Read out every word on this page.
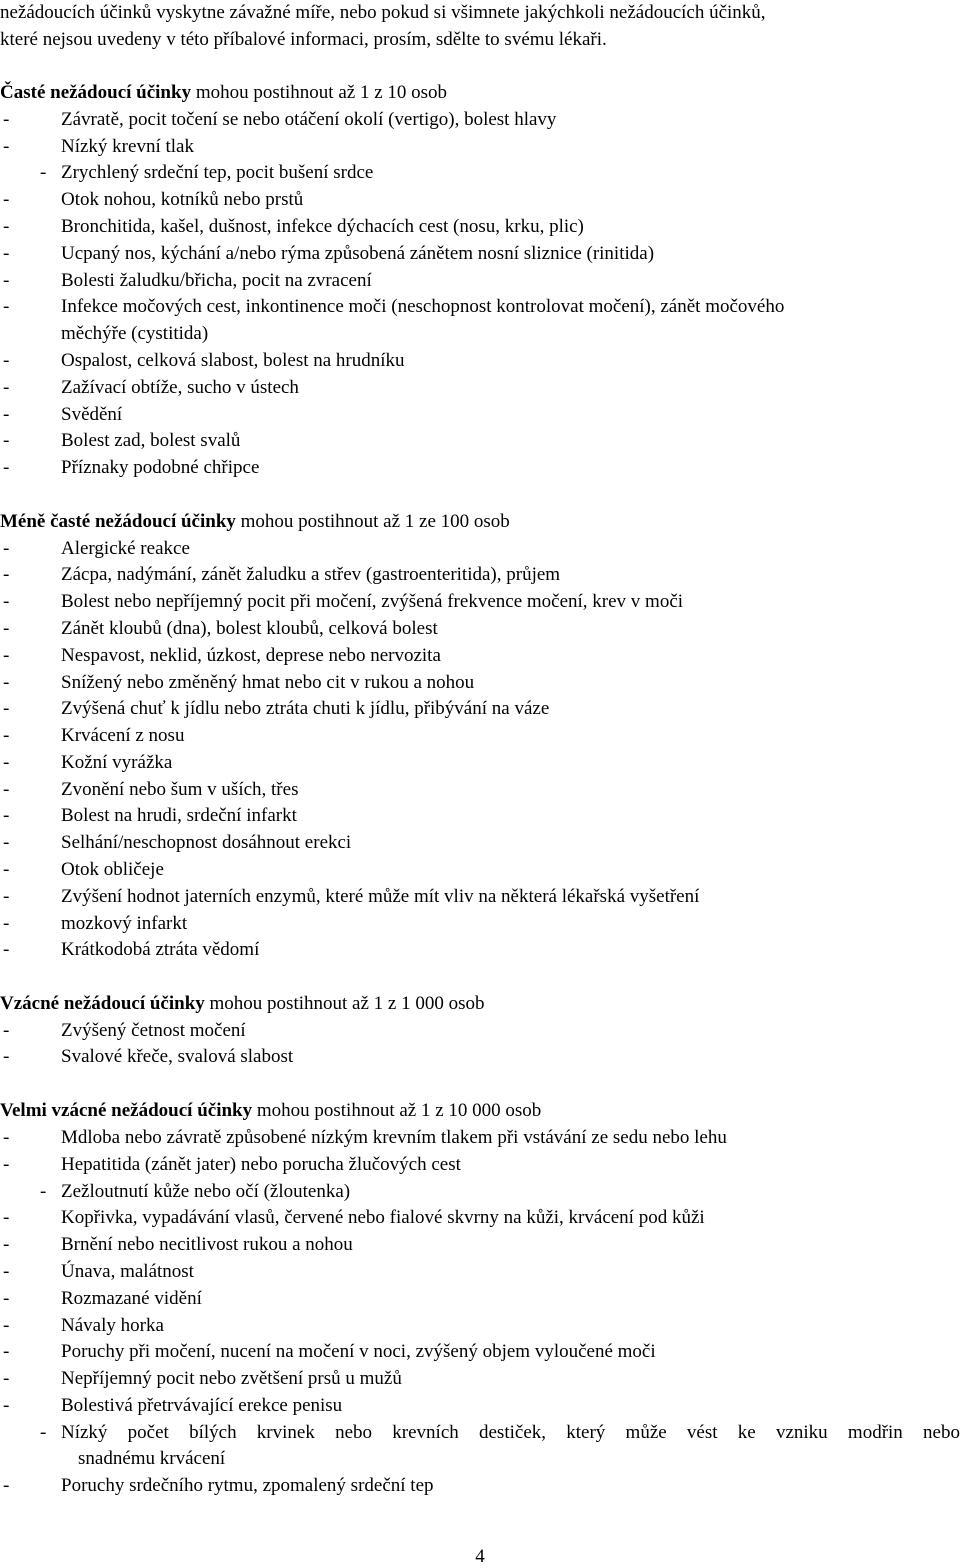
nežádoucích účinků vyskytne závažné míře, nebo pokud si všimnete jakýchkoli nežádoucích účinků,
které nejsou uvedeny v této příbalové informaci, prosím, sdělte to svému lékaři.
Časté nežádoucí účinky mohou postihnout až 1 z 10 osob
-	Závratě, pocit točení se nebo otáčení okolí (vertigo), bolest hlavy
-	Nízký krevní tlak
- Zrychlený srdeční tep, pocit bušení srdce
-	Otok nohou, kotníků nebo prstů
-	Bronchitida, kašel, dušnost, infekce dýchacích cest (nosu, krku, plic)
-	Ucpaný nos, kýchání a/nebo rýma způsobená zánětem nosní sliznice (rinitida)
-	Bolesti žaludku/břicha, pocit na zvracení
-	Infekce močových cest, inkontinence moči (neschopnost kontrolovat močení), zánět močového
měchýře (cystitida)
-	Ospalost, celková slabost, bolest na hrudníku
-	Zažívací obtíže, sucho v ústech
-	Svědění
-	Bolest zad, bolest svalů
-	Příznaky podobné chřipce
Méně časté nežádoucí účinky mohou postihnout až 1 ze 100 osob
-	Alergické reakce
-	Zácpa, nadýmání, zánět žaludku a střev (gastroenteritida), průjem
-	Bolest nebo nepříjemný pocit při močení, zvýšená frekvence močení, krev v moči
-	Zánět kloubů (dna), bolest kloubů, celková bolest
-	Nespavost, neklid, úzkost, deprese nebo nervozita
-	Snížený nebo změněný hmat nebo cit v rukou a nohou
-	Zvýšená chuť k jídlu nebo ztráta chuti k jídlu, přibývání na váze
-	Krvácení z nosu
-	Kožní vyrážka
-	Zvonění nebo šum v uších, třes
-	Bolest na hrudi, srdeční infarkt
-	Selhání/neschopnost dosáhnout erekci
-	Otok obličeje
-	Zvýšení hodnot jaterních enzymů, které může mít vliv na některá lékařská vyšetření
-	mozkový infarkt
-	Krátkodobá ztráta vědomí
Vzácné nežádoucí účinky mohou postihnout až 1 z 1 000 osob
-	Zvýšený četnost močení
-	Svalové křeče, svalová slabost
Velmi vzácné nežádoucí účinky mohou postihnout až 1 z 10 000 osob
-	Mdloba nebo závratě způsobené nízkým krevním tlakem při vstávání ze sedu nebo lehu
-	Hepatitida (zánět jater) nebo porucha žlučových cest
- Zežloutnutí kůže nebo očí (žloutenka)
-	Kopřivka, vypadávání vlasů, červené nebo fialové skvrny na kůži, krvácení pod kůži
-	Brnění nebo necitlivost rukou a nohou
-	Únava, malátnost
-	Rozmazané vidění
-	Návaly horka
-	Poruchy při močení, nucení na močení v noci, zvýšený objem vyloučené moči
-	Nepříjemný pocit nebo zvětšení prsů u mužů
-	Bolestivá přetrvávající erekce penisu
- Nízký počet bílých krvinek nebo krevních destiček, který může vést ke vzniku modřin nebo
snadnému krvácení
-	Poruchy srdečního rytmu, zpomalený srdeční tep
4
